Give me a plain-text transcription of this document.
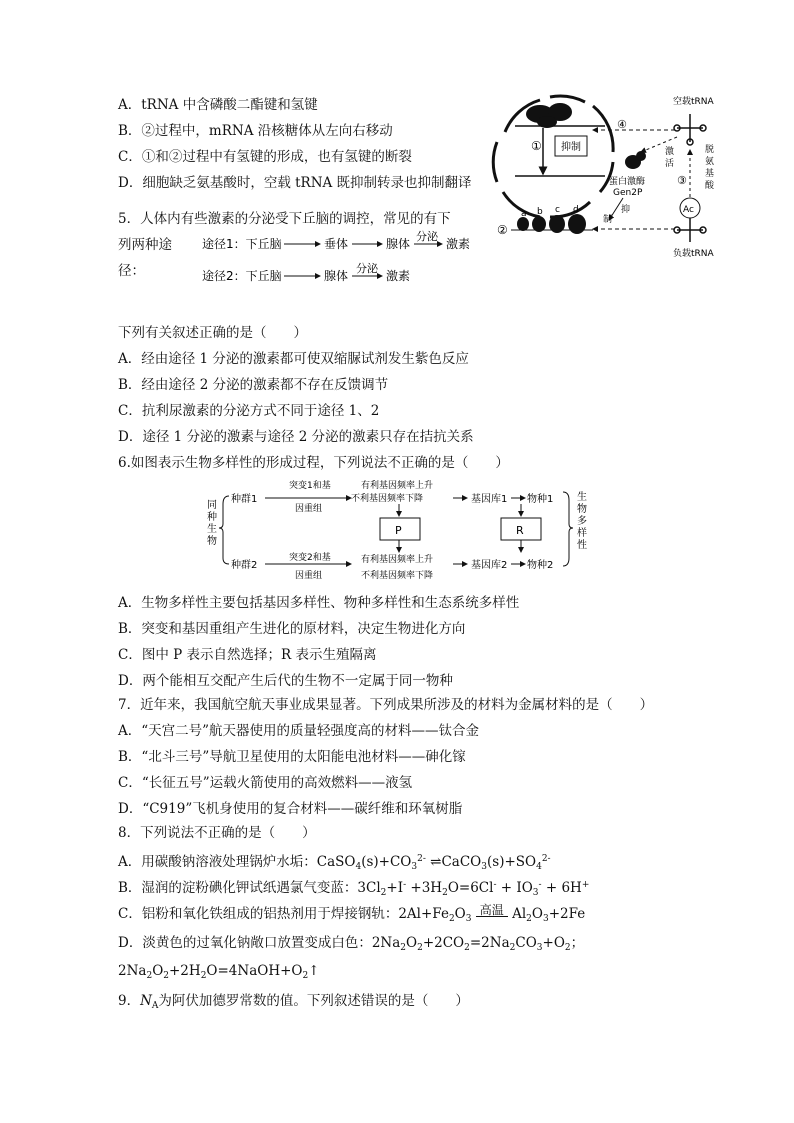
A．tRNA 中含磷酸二酯键和氢键
B．②过程中，mRNA 沿核糖体从左向右移动
C．①和②过程中有氢键的形成，也有氢键的断裂
D．细胞缺乏氨基酸时，空载 tRNA 既抑制转录也抑制翻译
① 抑制
④
空载tRNA
激
活
蛋白激酶
Gen2P
抑
制
③
脱
氨
基
酸
Ac
负载tRNA
②
a b c d
5．人体内有些激素的分泌受下丘脑的调控，常见的有下
列两种途
径：
途径1：下丘脑	垂体	腺体
分泌
激素
途径2：下丘脑	腺体
分泌
激素
下列有关叙述正确的是（　　）
A．经由途径 1 分泌的激素都可使双缩脲试剂发生紫色反应
B．经由途径 2 分泌的激素都不存在反馈调节
C．抗利尿激素的分泌方式不同于途径 1、2
D．途径 1 分泌的激素与途径 2 分泌的激素只存在拮抗关系
6.如图表示生物多样性的形成过程，下列说法不正确的是（　　）
同
种
生
物
种群1
种群2
突变1和基
因重组
有利基因频率上升
不利基因频率下降	基因库1 物种1
P	R
突变2和基
因重组
有利基因频率上升
不利基因频率下降
基因库2 物种2
生
物
多
样
性
A．生物多样性主要包括基因多样性、物种多样性和生态系统多样性
B．突变和基因重组产生进化的原材料，决定生物进化方向
C．图中 P 表示自然选择；R 表示生殖隔离
D．两个能相互交配产生后代的生物不一定属于同一物种
7．近年来，我国航空航天事业成果显著。下列成果所涉及的材料为金属材料的是（　　）
A．“天宫二号”航天器使用的质量轻强度高的材料——钛合金
B．“北斗三号”导航卫星使用的太阳能电池材料——砷化镓
C．“长征五号”运载火箭使用的高效燃料——液氢
D．“C919”飞机身使用的复合材料——碳纤维和环氧树脂
8．下列说法不正确的是（　　）
A．用碳酸钠溶液处理锅炉水垢：$CaSO_4(s)+CO_3^{2-}$ $\rightleftharpoons CaCO_3(s)+SO_4^{2-}$
B．湿润的淀粉碘化钾试纸遇氯气变蓝：$3Cl_2+I^- +3H_2O=6Cl^- + IO_3^- + 6H^+$
C．铝粉和氧化铁组成的铝热剂用于焊接钢轨：$2Al+Fe_2O_3$ 高温 $Al_2O_3+2Fe$
D．淡黄色的过氧化钠敞口放置变成白色：$2Na_2O_2+2CO_2=2Na_2CO_3+O_2$；
$2Na_2O_2+2H_2O=4NaOH+O_2↑$
9．$N_A$为阿伏加德罗常数的值。下列叙述错误的是（　　）
